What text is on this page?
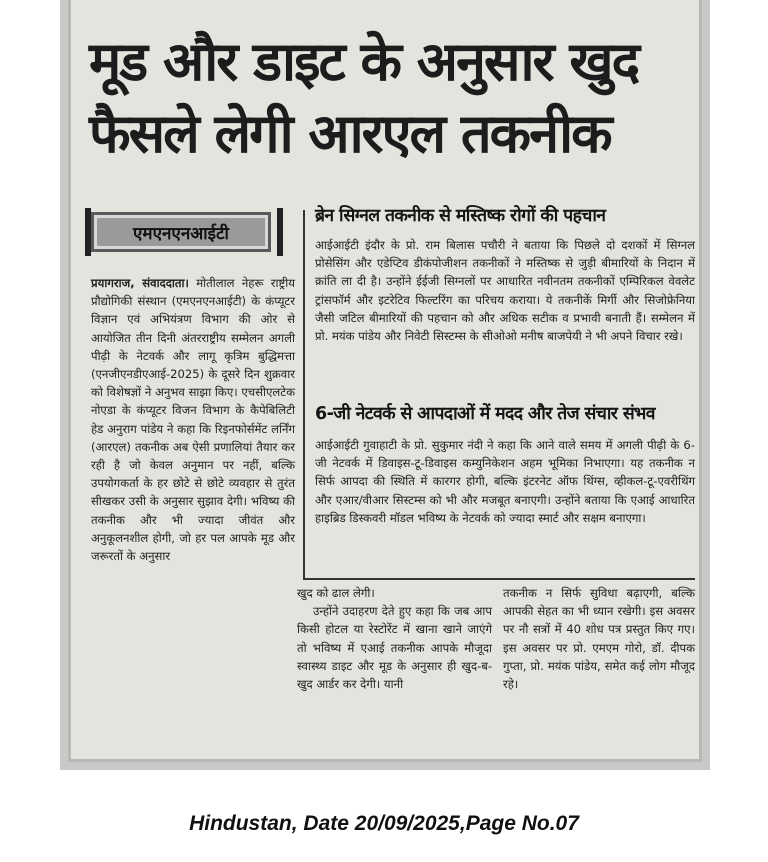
मूड और डाइट के अनुसार खुद
फैसले लेगी आरएल तकनीक
एमएनएनआईटी

प्रयागराज, संवाददाता। मोतीलाल नेहरू राष्ट्रीय प्रौद्योगिकी संस्थान (एमएनएनआईटी) के कंप्यूटर विज्ञान एवं अभियंत्रण विभाग की ओर से आयोजित तीन दिनी अंतरराष्ट्रीय सम्मेलन अगली पीढ़ी के नेटवर्क और लागू कृत्रिम बुद्धिमत्ता (एनजीएनडीएआई-2025) के दूसरे दिन शुक्रवार को विशेषज्ञों ने अनुभव साझा किए। एचसीएलटेक नोएडा के कंप्यूटर विजन विभाग के कैपेबिलिटी हेड अनुराग पांडेय ने कहा कि रिइनफोर्समेंट लर्निंग (आरएल) तकनीक अब ऐसी प्रणालियां तैयार कर रही है जो केवल अनुमान पर नहीं, बल्कि उपयोगकर्ता के हर छोटे से छोटे व्यवहार से तुरंत सीखकर उसी के अनुसार सुझाव देगी। भविष्य की तकनीक और भी ज्यादा जीवंत और अनुकूलनशील होगी, जो हर पल आपके मूड और जरूरतों के अनुसार

ब्रेन सिग्नल तकनीक से मस्तिष्क रोगों की पहचान

आईआईटी इंदौर के प्रो. राम बिलास पचौरी ने बताया कि पिछले दो दशकों में सिग्नल प्रोसेसिंग और एडेप्टिव डीकंपोजीशन तकनीकों ने मस्तिष्क से जुड़ी बीमारियों के निदान में क्रांति ला दी है। उन्होंने ईईजी सिग्नलों पर आधारित नवीनतम तकनीकों एम्पिरिकल वेवलेट ट्रांसफॉर्म और इटरेटिव फिल्टरिंग का परिचय कराया। ये तकनीकें मिर्गी और सिजोफ्रेनिया जैसी जटिल बीमारियों की पहचान को और अधिक सटीक व प्रभावी बनाती हैं। सम्मेलन में प्रो. मयंक पांडेय और निवेटी सिस्टम्स के सीओओ मनीष बाजपेयी ने भी अपने विचार रखे।

6-जी नेटवर्क से आपदाओं में मदद और तेज संचार संभव

आईआईटी गुवाहाटी के प्रो. सुकुमार नंदी ने कहा कि आने वाले समय में अगली पीढ़ी के 6-जी नेटवर्क में डिवाइस-टू-डिवाइस कम्युनिकेशन अहम भूमिका निभाएगा। यह तकनीक न सिर्फ आपदा की स्थिति में कारगर होगी, बल्कि इंटरनेट ऑफ थिंग्स, व्हीकल-टू-एवरीथिंग और एआर/वीआर सिस्टम्स को भी और मजबूत बनाएगी। उन्होंने बताया कि एआई आधारित हाइब्रिड डिस्कवरी मॉडल भविष्य के नेटवर्क को ज्यादा स्मार्ट और सक्षम बनाएगा।

खुद को ढाल लेगी।

उन्होंने उदाहरण देते हुए कहा कि जब आप किसी होटल या रेस्टोरेंट में खाना खाने जाएंगे तो भविष्य में एआई तकनीक आपके मौजूदा स्वास्थ्य डाइट और मूड के अनुसार ही खुद-ब-खुद आर्डर कर देगी। यानी

तकनीक न सिर्फ सुविधा बढ़ाएगी, बल्कि आपकी सेहत का भी ध्यान रखेगी। इस अवसर पर नौ सत्रों में 40 शोध पत्र प्रस्तुत किए गए। इस अवसर पर प्रो. एमएम गोरो, डॉ. दीपक गुप्ता, प्रो. मयंक पांडेय, समेत कई लोग मौजूद रहे।

Hindustan, Date 20/09/2025,Page No.07
